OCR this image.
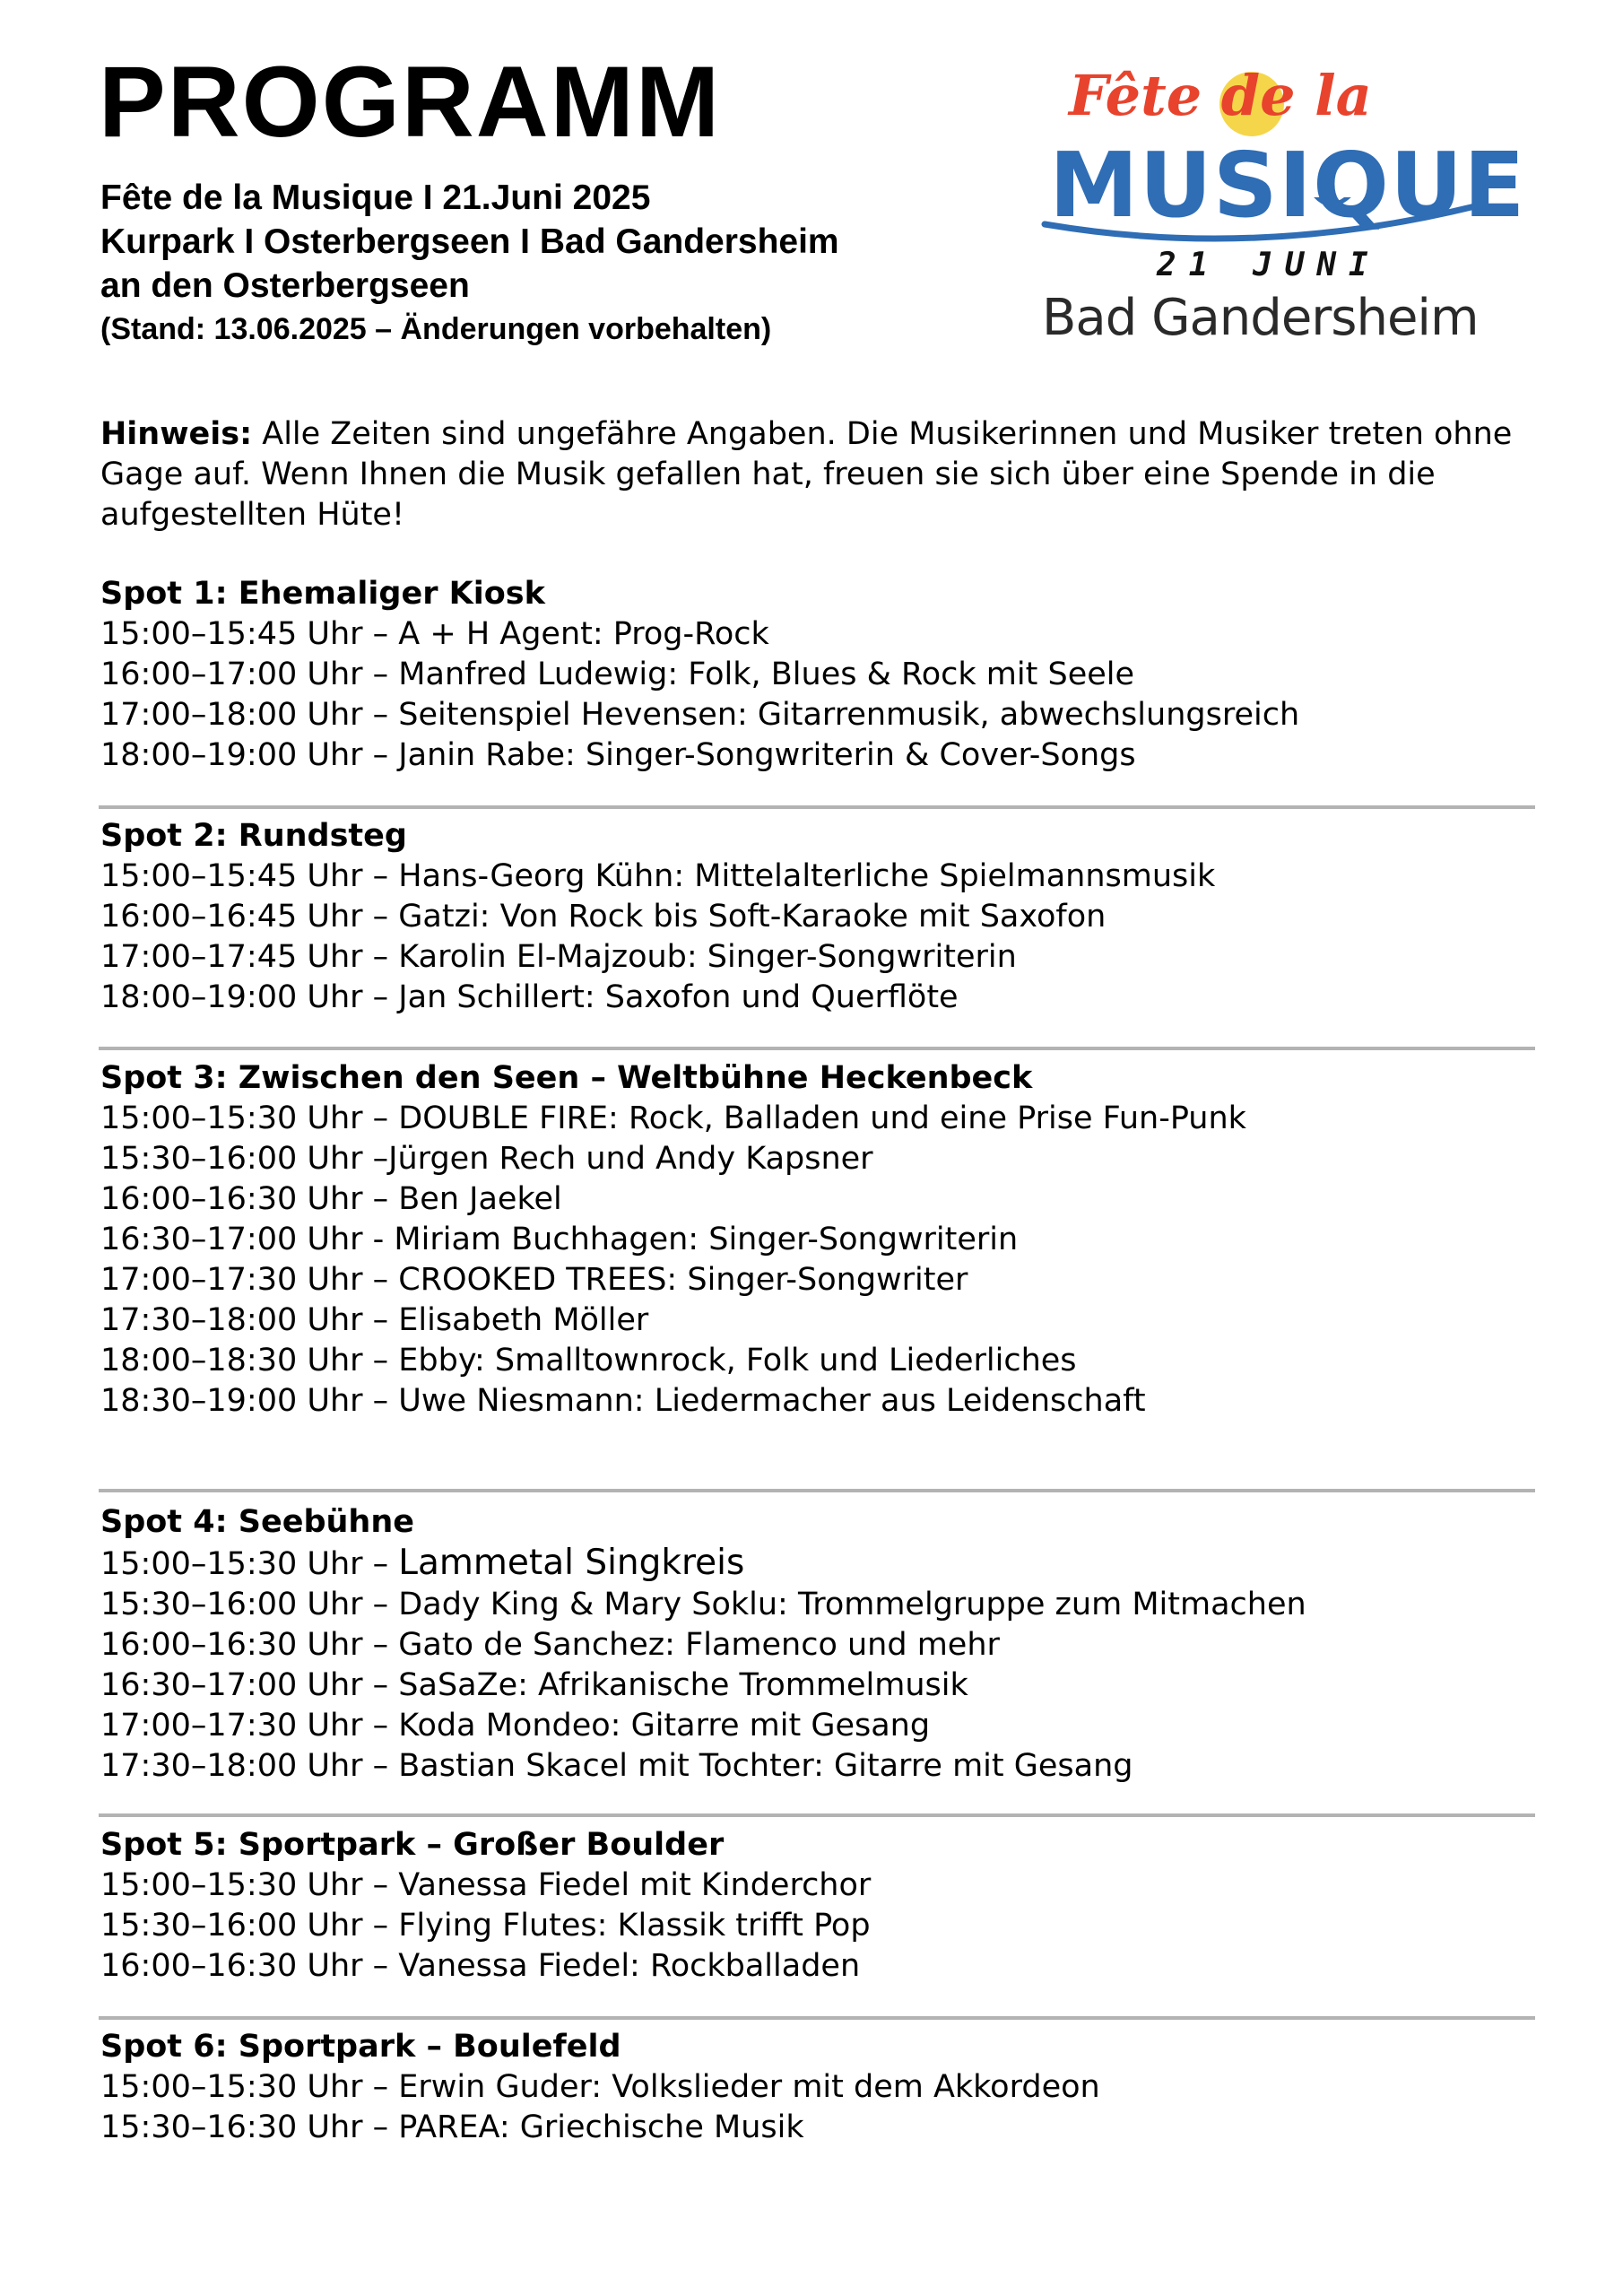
PROGRAMM
Fête de la Musique I 21.Juni 2025
Kurpark I Osterbergseen I Bad Gandersheim
an den Osterbergseen
(Stand: 13.06.2025 – Änderungen vorbehalten)
Fête de la
MUSIQUE
21 JUNI
Bad Gandersheim
Hinweis: Alle Zeiten sind ungefähre Angaben. Die Musikerinnen und Musiker treten ohne Gage auf. Wenn Ihnen die Musik gefallen hat, freuen sie sich über eine Spende in die aufgestellten Hüte!
Spot 1: Ehemaliger Kiosk
15:00–15:45 Uhr – A + H Agent: Prog-Rock
16:00–17:00 Uhr – Manfred Ludewig: Folk, Blues & Rock mit Seele
17:00–18:00 Uhr – Seitenspiel Hevensen: Gitarrenmusik, abwechslungsreich
18:00–19:00 Uhr – Janin Rabe: Singer-Songwriterin & Cover-Songs
Spot 2: Rundsteg
15:00–15:45 Uhr – Hans-Georg Kühn: Mittelalterliche Spielmannsmusik
16:00–16:45 Uhr – Gatzi: Von Rock bis Soft-Karaoke mit Saxofon
17:00–17:45 Uhr – Karolin El-Majzoub: Singer-Songwriterin
18:00–19:00 Uhr – Jan Schillert: Saxofon und Querflöte
Spot 3: Zwischen den Seen – Weltbühne Heckenbeck
15:00–15:30 Uhr – DOUBLE FIRE: Rock, Balladen und eine Prise Fun-Punk
15:30–16:00 Uhr –Jürgen Rech und Andy Kapsner
16:00–16:30 Uhr – Ben Jaekel
16:30–17:00 Uhr - Miriam Buchhagen: Singer-Songwriterin
17:00–17:30 Uhr – CROOKED TREES: Singer-Songwriter
17:30–18:00 Uhr – Elisabeth Möller
18:00–18:30 Uhr – Ebby: Smalltownrock, Folk und Liederliches
18:30–19:00 Uhr – Uwe Niesmann: Liedermacher aus Leidenschaft
Spot 4: Seebühne
15:00–15:30 Uhr – Lammetal Singkreis
15:30–16:00 Uhr – Dady King & Mary Soklu: Trommelgruppe zum Mitmachen
16:00–16:30 Uhr – Gato de Sanchez: Flamenco und mehr
16:30–17:00 Uhr – SaSaZe: Afrikanische Trommelmusik
17:00–17:30 Uhr – Koda Mondeo: Gitarre mit Gesang
17:30–18:00 Uhr – Bastian Skacel mit Tochter: Gitarre mit Gesang
Spot 5: Sportpark – Großer Boulder
15:00–15:30 Uhr – Vanessa Fiedel mit Kinderchor
15:30–16:00 Uhr – Flying Flutes: Klassik trifft Pop
16:00–16:30 Uhr – Vanessa Fiedel: Rockballaden
Spot 6: Sportpark – Boulefeld
15:00–15:30 Uhr – Erwin Guder: Volkslieder mit dem Akkordeon
15:30–16:30 Uhr – PAREA: Griechische Musik
